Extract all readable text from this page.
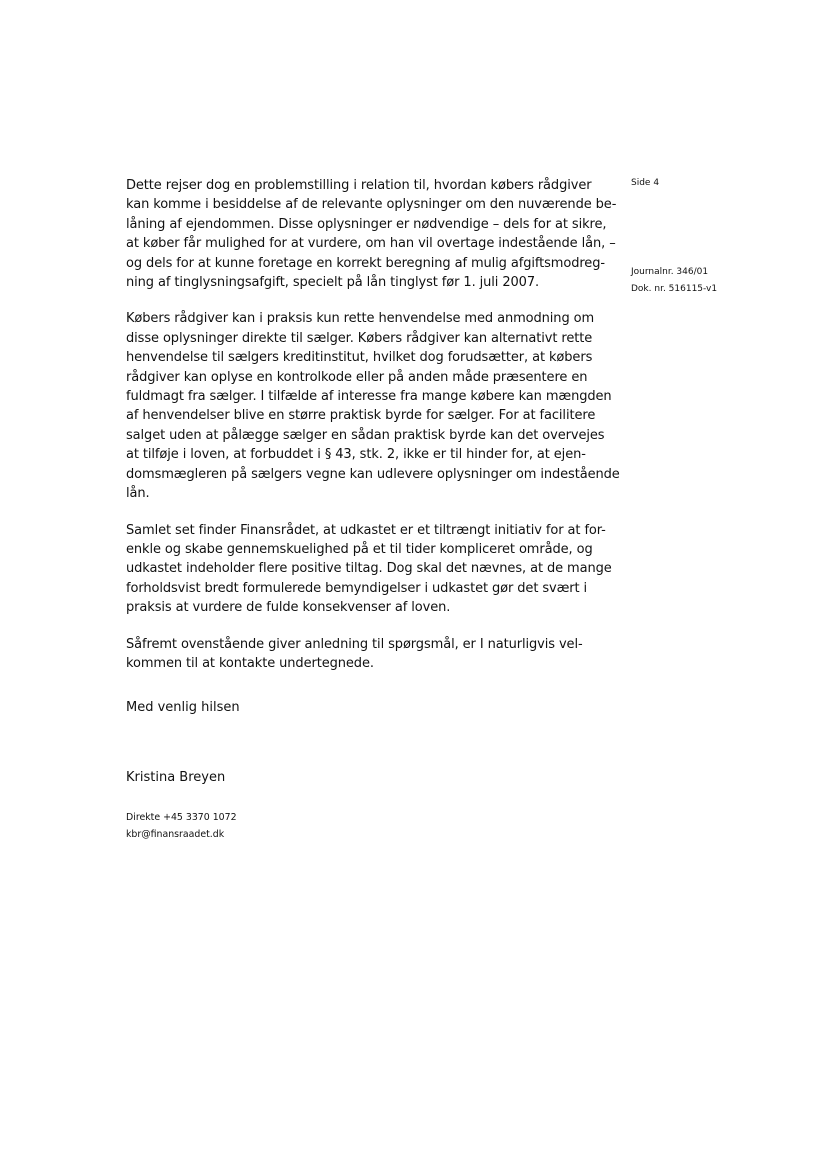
Side 4
Journalnr. 346/01
Dok. nr. 516115-v1

Dette rejser dog en problemstilling i relation til, hvordan købers rådgiver
kan komme i besiddelse af de relevante oplysninger om den nuværende be-
låning af ejendommen. Disse oplysninger er nødvendige – dels for at sikre,
at køber får mulighed for at vurdere, om han vil overtage indestående lån, –
og dels for at kunne foretage en korrekt beregning af mulig afgiftsmodreg-
ning af tinglysningsafgift, specielt på lån tinglyst før 1. juli 2007.

Købers rådgiver kan i praksis kun rette henvendelse med anmodning om
disse oplysninger direkte til sælger. Købers rådgiver kan alternativt rette
henvendelse til sælgers kreditinstitut, hvilket dog forudsætter, at købers
rådgiver kan oplyse en kontrolkode eller på anden måde præsentere en
fuldmagt fra sælger. I tilfælde af interesse fra mange købere kan mængden
af henvendelser blive en større praktisk byrde for sælger. For at facilitere
salget uden at pålægge sælger en sådan praktisk byrde kan det overvejes
at tilføje i loven, at forbuddet i § 43, stk. 2, ikke er til hinder for, at ejen-
domsmægleren på sælgers vegne kan udlevere oplysninger om indestående
lån.

Samlet set finder Finansrådet, at udkastet er et tiltrængt initiativ for at for-
enkle og skabe gennemskuelighed på et til tider kompliceret område, og
udkastet indeholder flere positive tiltag. Dog skal det nævnes, at de mange
forholdsvist bredt formulerede bemyndigelser i udkastet gør det svært i
praksis at vurdere de fulde konsekvenser af loven.

Såfremt ovenstående giver anledning til spørgsmål, er I naturligvis vel-
kommen til at kontakte undertegnede.

Med venlig hilsen
Kristina Breyen
Direkte +45 3370 1072
kbr@finansraadet.dk
